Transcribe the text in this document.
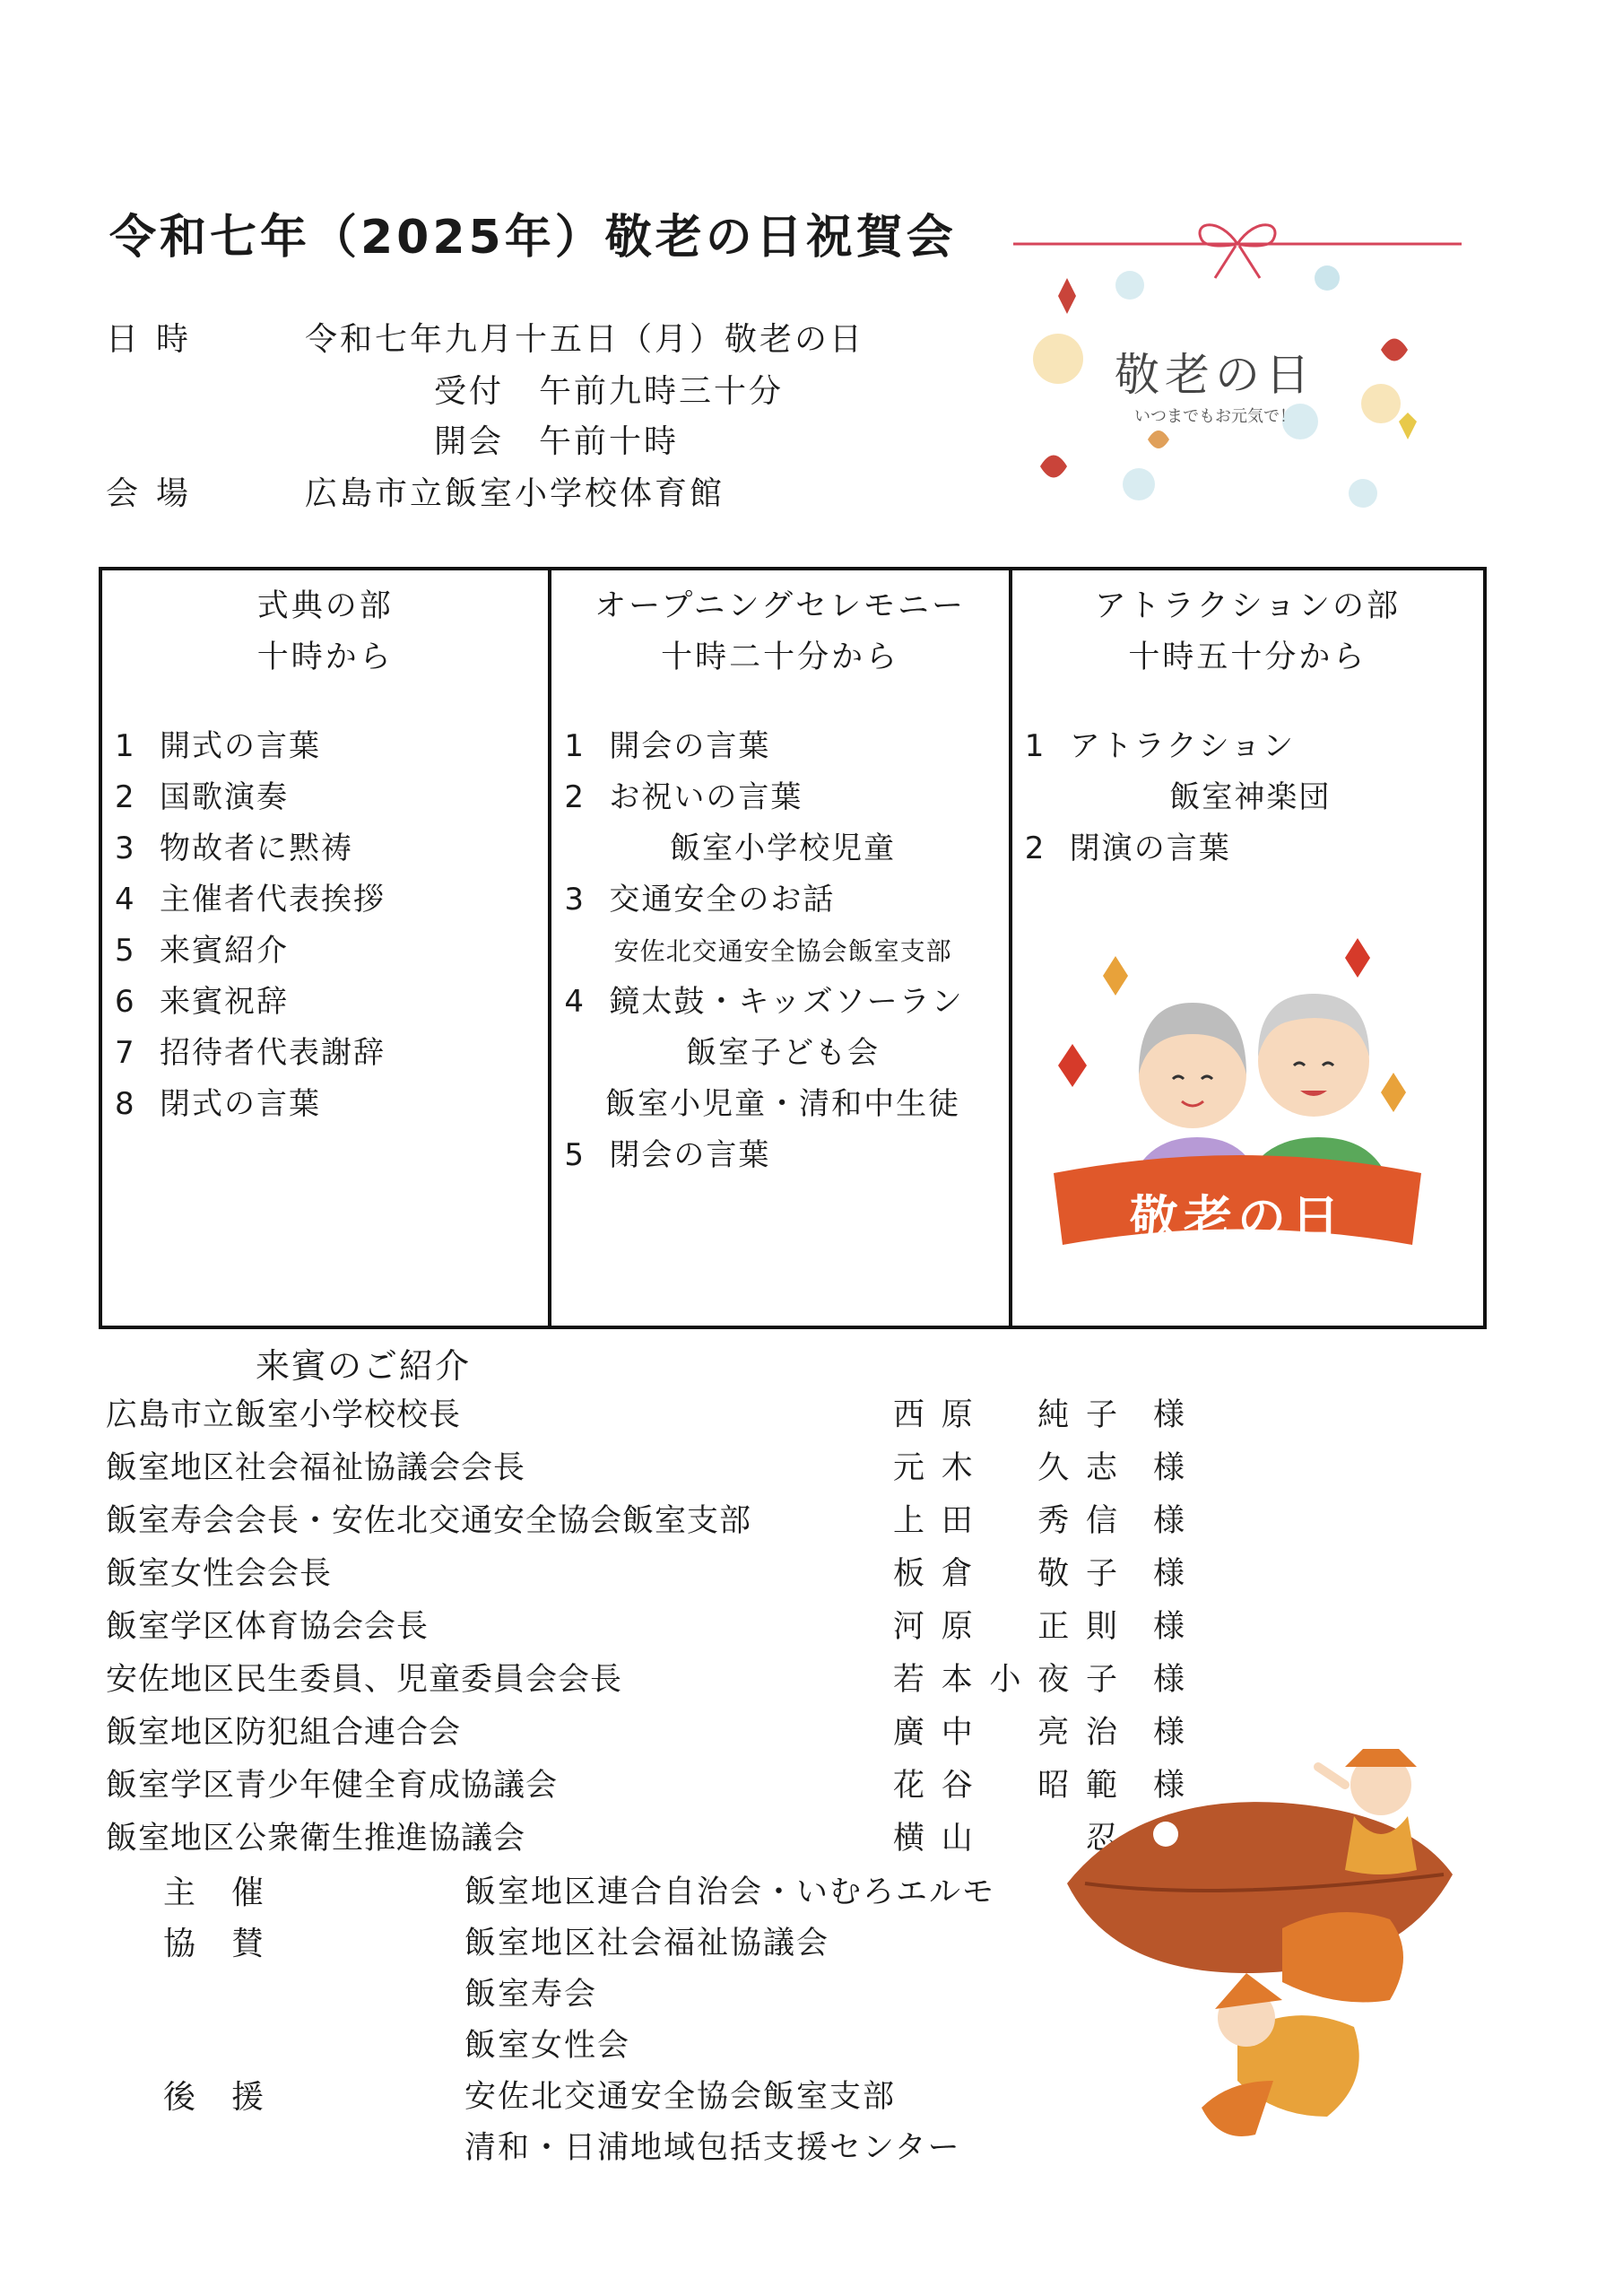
令和七年（2025年）敬老の日祝賀会
日時	令和七年九月十五日（月）敬老の日
受付　午前九時三十分
開会　午前十時
会場	広島市立飯室小学校体育館
敬老の日
いつまでもお元気で！
式典の部
十時から
1 開式の言葉
2 国歌演奏
3 物故者に黙祷
4 主催者代表挨拶
5 来賓紹介
6 来賓祝辞
7 招待者代表謝辞
8 閉式の言葉
オープニングセレモニー
十時二十分から
1 開会の言葉
2 お祝いの言葉
飯室小学校児童
3 交通安全のお話
安佐北交通安全協会飯室支部
4 鏡太鼓・キッズソーラン
飯室子ども会
飯室小児童・清和中生徒
5 閉会の言葉
アトラクションの部
十時五十分から
1 アトラクション
飯室神楽団
2 閉演の言葉
敬老の日
来賓のご紹介
広島市立飯室小学校校長	西原　純子 様
飯室地区社会福祉協議会会長	元木　久志 様
飯室寿会会長・安佐北交通安全協会飯室支部	上田　秀信 様
飯室女性会会長	板倉　敬子 様
飯室学区体育協会会長	河原　正則 様
安佐地区民生委員、児童委員会会長	若本小夜子 様
飯室地区防犯組合連合会	廣中　亮治 様
飯室学区青少年健全育成協議会	花谷　昭範 様
飯室地区公衆衛生推進協議会	横山　　忍
主催	飯室地区連合自治会・いむろエルモ
協賛	飯室地区社会福祉協議会
飯室寿会
飯室女性会
後援	安佐北交通安全協会飯室支部
清和・日浦地域包括支援センター
